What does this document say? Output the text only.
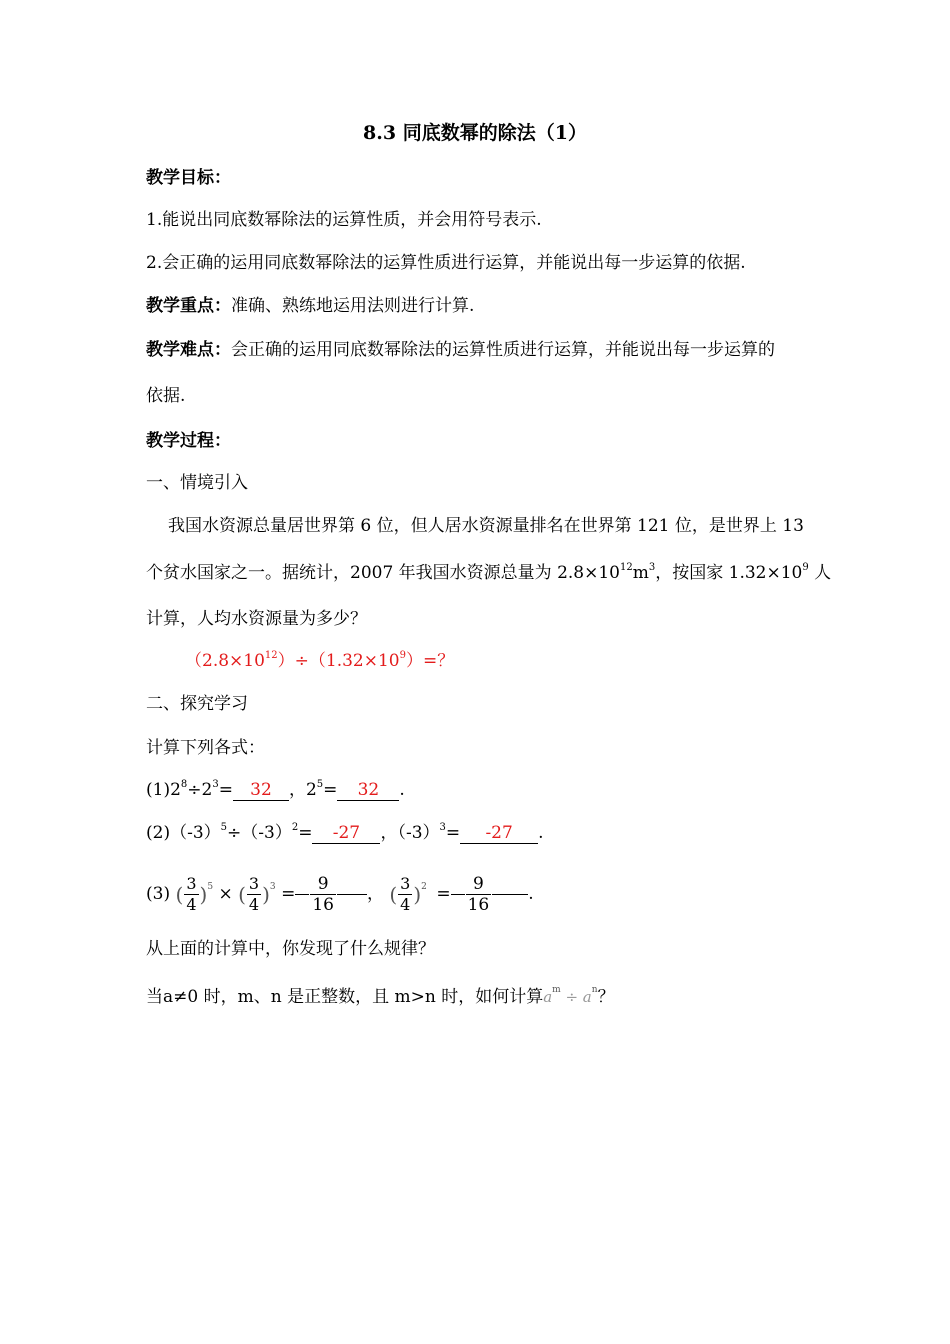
8.3 同底数幂的除法（1）
教学目标：
1.能说出同底数幂除法的运算性质，并会用符号表示.
2.会正确的运用同底数幂除法的运算性质进行运算，并能说出每一步运算的依据.
教学重点：准确、熟练地运用法则进行计算.
教学难点：会正确的运用同底数幂除法的运算性质进行运算，并能说出每一步运算的
依据.
教学过程：
一、情境引入
我国水资源总量居世界第 6 位，但人居水资源量排名在世界第 121 位，是世界上 13
个贫水国家之一。据统计，2007 年我国水资源总量为 $2.8\times 10^{12}m^3$，按国家 $1.32\times 10^9$ 人
计算，人均水资源量为多少？
$(2.8\times 10^{12})\div(1.32\times 10^9)=$？
二、探究学习
计算下列各式：
$(1)2^8\div 2^3= 32$ ，$2^5= 32$ .
$(2)(-3)^5\div(-3)^2= -27$ ，$(-3)^3= -27$ .
(3) ( $\frac{3}{4} )^5$ × ( $\frac{3}{4} )^3 = \frac{9}{16}$ ， ( $\frac{3}{4} )^2 = \frac{9}{16}$ .
从上面的计算中，你发现了什么规律？
当a≠0 时，m、n 是正整数，且 m>n 时，如何计算$a^m \div a^n$？
